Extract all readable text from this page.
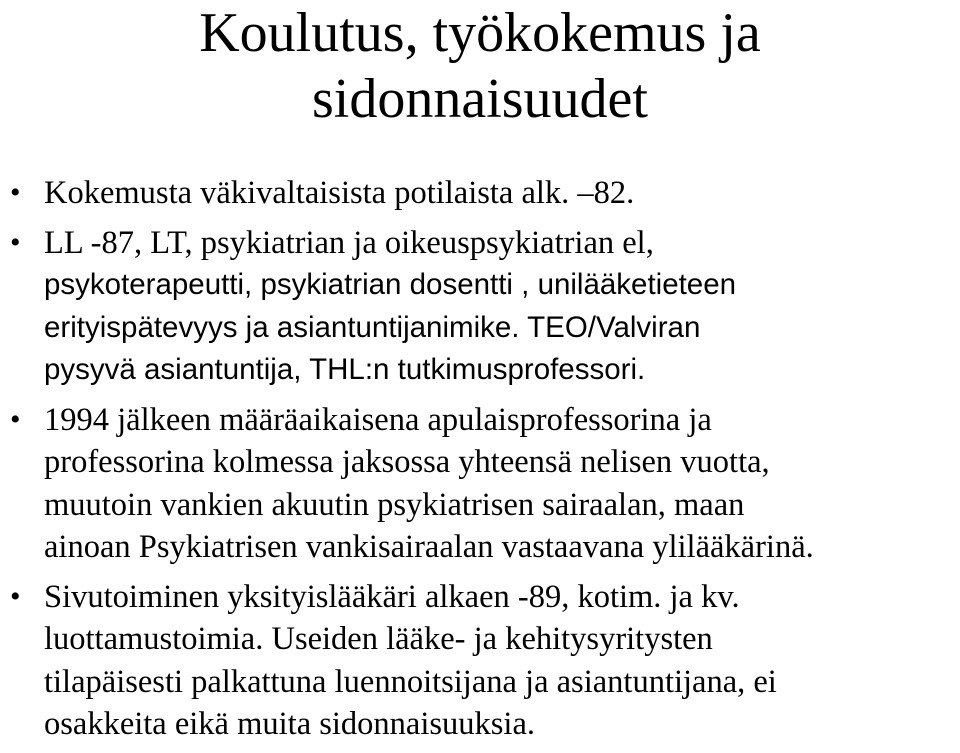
Koulutus, työkokemus ja
sidonnaisuudet
• Kokemusta väkivaltaisista potilaista alk. –82.
• LL -87, LT, psykiatrian ja oikeuspsykiatrian el,
psykoterapeutti, psykiatrian dosentti , unilääketieteen
erityispätevyys ja asiantuntijanimike. TEO/Valviran
pysyvä asiantuntija, THL:n tutkimusprofessori.
• 1994 jälkeen määräaikaisena apulaisprofessorina ja
professorina kolmessa jaksossa yhteensä nelisen vuotta,
muutoin vankien akuutin psykiatrisen sairaalan, maan
ainoan Psykiatrisen vankisairaalan vastaavana ylilääkärinä.
• Sivutoiminen yksityislääkäri alkaen -89, kotim. ja kv.
luottamustoimia. Useiden lääke- ja kehitysyritysten
tilapäisesti palkattuna luennoitsijana ja asiantuntijana, ei
osakkeita eikä muita sidonnaisuuksia.
